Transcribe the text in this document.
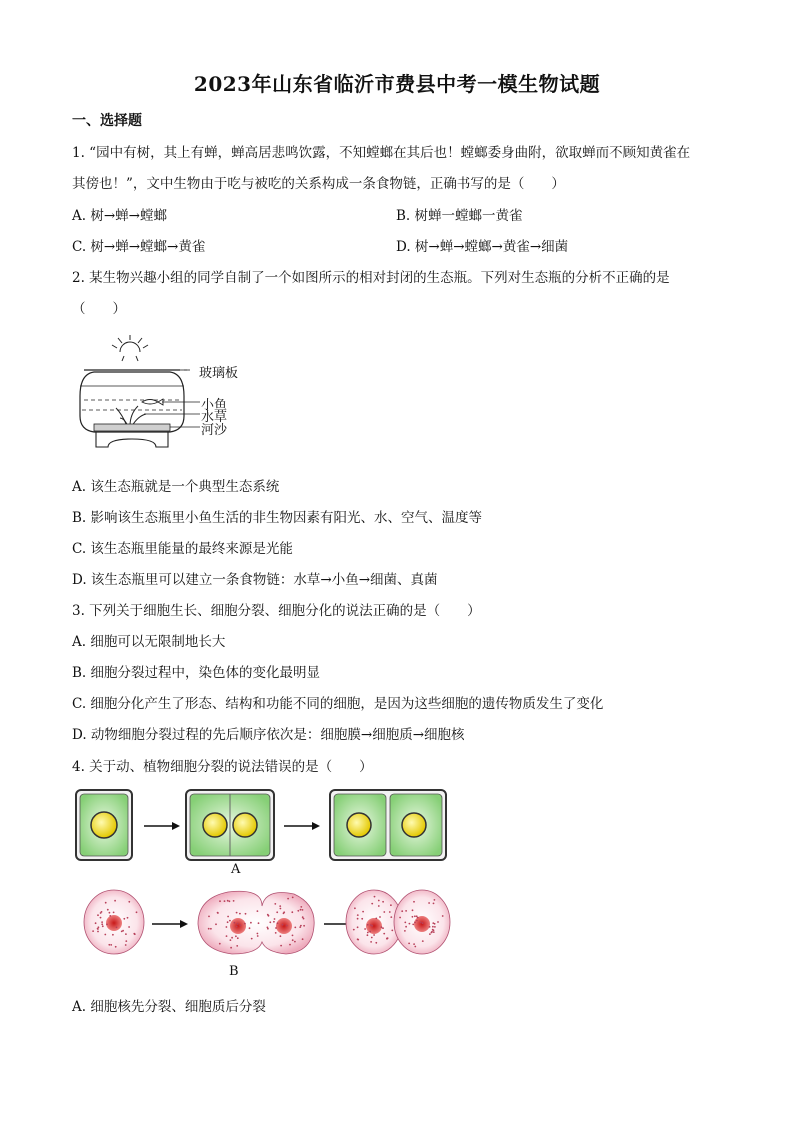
2023年山东省临沂市费县中考一模生物试题
一、选择题
1. “园中有树，其上有蝉，蝉高居悲鸣饮露，不知螳螂在其后也！螳螂委身曲附，欲取蝉而不顾知黄雀在
其傍也！”，文中生物由于吃与被吃的关系构成一条食物链，正确书写的是（　　）
A. 树→蝉→螳螂	B. 树蝉一螳螂一黄雀
C. 树→蝉→螳螂→黄雀	D. 树→蝉→螳螂→黄雀→细菌
2. 某生物兴趣小组的同学自制了一个如图所示的相对封闭的生态瓶。下列对生态瓶的分析不正确的是
（　　）
玻璃板
小鱼
水草
河沙
A. 该生态瓶就是一个典型生态系统
B. 影响该生态瓶里小鱼生活的非生物因素有阳光、水、空气、温度等
C. 该生态瓶里能量的最终来源是光能
D. 该生态瓶里可以建立一条食物链：水草→小鱼→细菌、真菌
3. 下列关于细胞生长、细胞分裂、细胞分化的说法正确的是（　　）
A. 细胞可以无限制地长大
B. 细胞分裂过程中，染色体的变化最明显
C. 细胞分化产生了形态、结构和功能不同的细胞，是因为这些细胞的遗传物质发生了变化
D. 动物细胞分裂过程的先后顺序依次是：细胞膜→细胞质→细胞核
4. 关于动、植物细胞分裂的说法错误的是（　　）
A
B
A. 细胞核先分裂、细胞质后分裂
